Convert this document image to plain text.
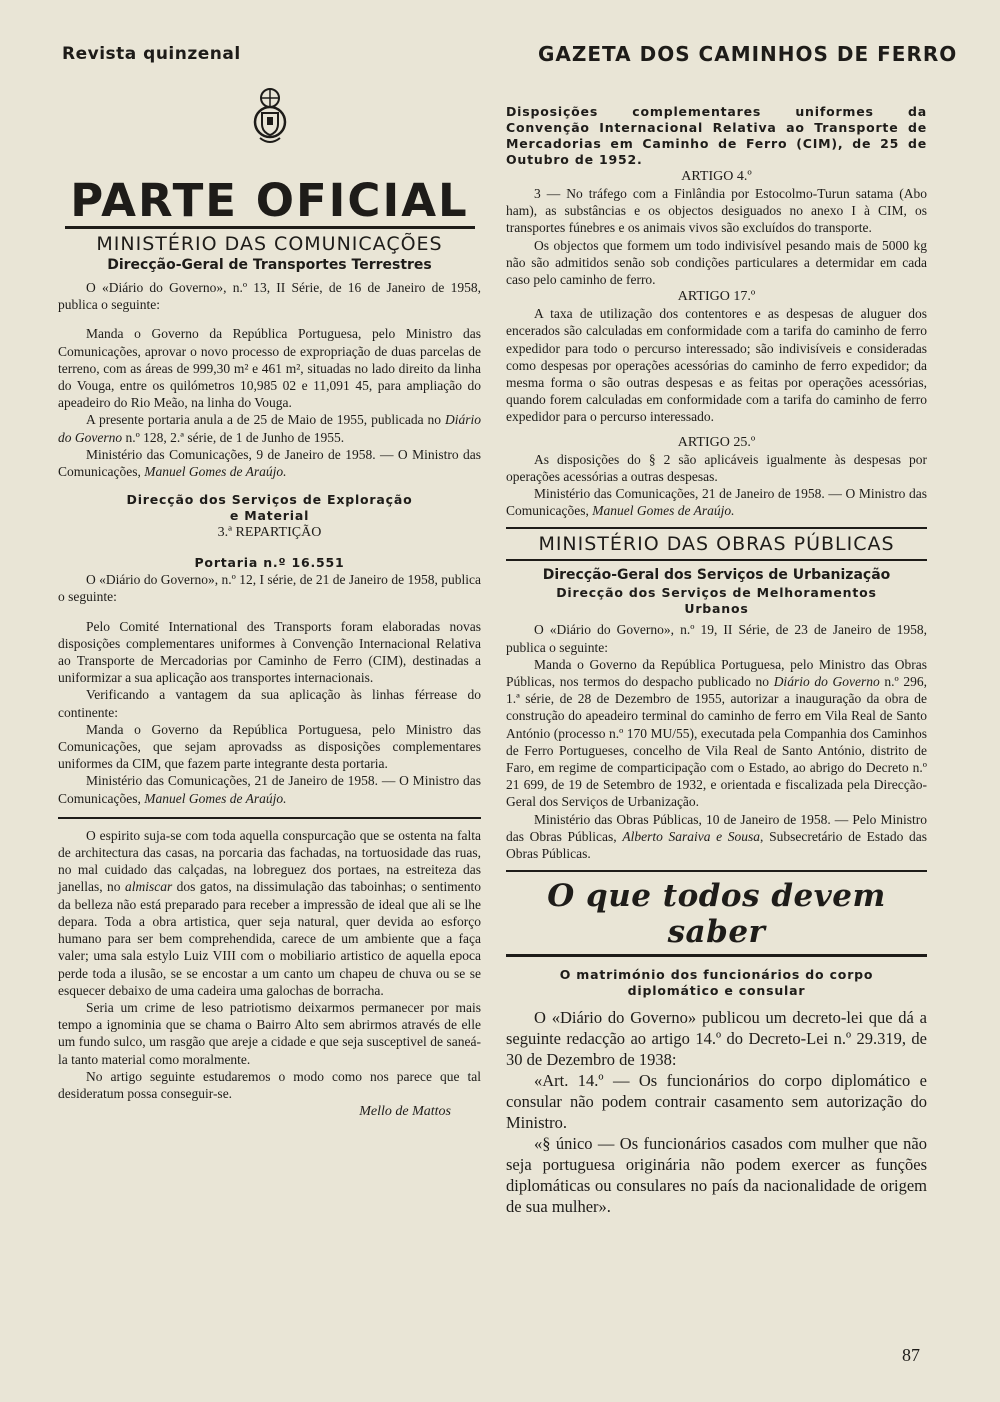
Revista quinzenal	GAZETA DOS CAMINHOS DE FERRO
PARTE OFICIAL
MINISTÉRIO DAS COMUNICAÇÕES
Direcção-Geral de Transportes Terrestres

O «Diário do Governo», n.º 13, II Série, de 16 de Janeiro de 1958, publica o seguinte:

Manda o Governo da República Portuguesa, pelo Ministro das Comunicações, aprovar o novo processo de expropriação de duas parcelas de terreno, com as áreas de 999,30 m² e 461 m², situadas no lado direito da linha do Vouga, entre os quilómetros 10,985 02 e 11,091 45, para ampliação do apeadeiro do Rio Meão, na linha do Vouga.

A presente portaria anula a de 25 de Maio de 1955, publicada no Diário do Governo n.º 128, 2.ª série, de 1 de Junho de 1955.

Ministério das Comunicações, 9 de Janeiro de 1958. — O Ministro das Comunicações, Manuel Gomes de Araújo.

Direcção dos Serviços de Exploração
e Material
3.ª REPARTIÇÃO
Portaria n.º 16.551

O «Diário do Governo», n.º 12, I série, de 21 de Janeiro de 1958, publica o seguinte:

Pelo Comité International des Transports foram elaboradas novas disposições complementares uniformes à Convenção Internacional Relativa ao Transporte de Mercadorias por Caminho de Ferro (CIM), destinadas a uniformizar a sua aplicação aos transportes internacionais.

Verificando a vantagem da sua aplicação às linhas férrease do continente:

Manda o Governo da República Portuguesa, pelo Ministro das Comunicações, que sejam aprovadss as disposições complementares uniformes da CIM, que fazem parte integrante desta portaria.

Ministério das Comunicações, 21 de Janeiro de 1958. — O Ministro das Comunicações, Manuel Gomes de Araújo.

O espirito suja-se com toda aquella conspurcação que se ostenta na falta de architectura das casas, na porcaria das fachadas, na tortuosidade das ruas, no mal cuidado das calçadas, na lobreguez dos portaes, na estreiteza das janellas, no almiscar dos gatos, na dissimulação das taboinhas; o sentimento da belleza não está preparado para receber a impressão de ideal que ali se lhe depara. Toda a obra artistica, quer seja natural, quer devida ao esforço humano para ser bem comprehendida, carece de um ambiente que a faça valer; uma sala estylo Luiz VIII com o mobiliario artistico de aquella epoca perde toda a ilusão, se se encostar a um canto um chapeu de chuva ou se se esquecer debaixo de uma cadeira uma galochas de borracha.

Seria um crime de leso patriotismo deixarmos permanecer por mais tempo a ignominia que se chama o Bairro Alto sem abrirmos através de elle um fundo sulco, um rasgão que areje a cidade e que seja susceptivel de saneá-la tanto material como moralmente.

No artigo seguinte estudaremos o modo como nos parece que tal desideratum possa conseguir-se.

Mello de Mattos
Disposições complementares uniformes da Convenção Internacional Relativa ao Transporte de Mercadorias em Caminho de Ferro (CIM), de 25 de Outubro de 1952.
ARTIGO 4.º

3 — No tráfego com a Finlândia por Estocolmo-Turun satama (Abo ham), as substâncias e os objectos desiguados no anexo I à CIM, os transportes fúnebres e os animais vivos são excluídos do transporte.

Os objectos que formem um todo indivisível pesando mais de 5000 kg não são admitidos senão sob condições particulares a determidar em cada caso pelo caminho de ferro.

ARTIGO 17.º

A taxa de utilização dos contentores e as despesas de aluguer dos encerados são calculadas em conformidade com a tarifa do caminho de ferro expedidor para todo o percurso interessado; são indivisíveis e consideradas como despesas por operações acessórias do caminho de ferro expedidor; da mesma forma o são outras despesas e as feitas por operações acessórias, quando forem calculadas em conformidade com a tarifa do caminho de ferro expedidor para o percurso interessado.

ARTIGO 25.º

As disposições do § 2 são aplicáveis igualmente às despesas por operações acessórias a outras despesas.

Ministério das Comunicações, 21 de Janeiro de 1958. — O Ministro das Comunicações, Manuel Gomes de Araújo.

MINISTÉRIO DAS OBRAS PÚBLICAS
Direcção-Geral dos Serviços de Urbanização
Direcção dos Serviços de Melhoramentos
Urbanos

O «Diário do Governo», n.º 19, II Série, de 23 de Janeiro de 1958, publica o seguinte:

Manda o Governo da República Portuguesa, pelo Ministro das Obras Públicas, nos termos do despacho publicado no Diário do Governo n.º 296, 1.ª série, de 28 de Dezembro de 1955, autorizar a inauguração da obra de construção do apeadeiro terminal do caminho de ferro em Vila Real de Santo António (processo n.º 170 MU/55), executada pela Companhia dos Caminhos de Ferro Portugueses, concelho de Vila Real de Santo António, distrito de Faro, em regime de comparticipação com o Estado, ao abrigo do Decreto n.º 21 699, de 19 de Setembro de 1932, e orientada e fiscalizada pela Direcção-Geral dos Serviços de Urbanização.

Ministério das Obras Públicas, 10 de Janeiro de 1958. — Pelo Ministro das Obras Públicas, Alberto Saraiva e Sousa, Subsecretário de Estado das Obras Públicas.

O que todos devem saber
O matrimónio dos funcionários do corpo
diplomático e consular

O «Diário do Governo» publicou um decreto-lei que dá a seguinte redacção ao artigo 14.º do Decreto-Lei n.º 29.319, de 30 de Dezembro de 1938:

«Art. 14.º — Os funcionários do corpo diplomático e consular não podem contrair casamento sem autorização do Ministro.

«§ único — Os funcionários casados com mulher que não seja portuguesa originária não podem exercer as funções diplomáticas ou consulares no país da nacionalidade de origem de sua mulher».

87
